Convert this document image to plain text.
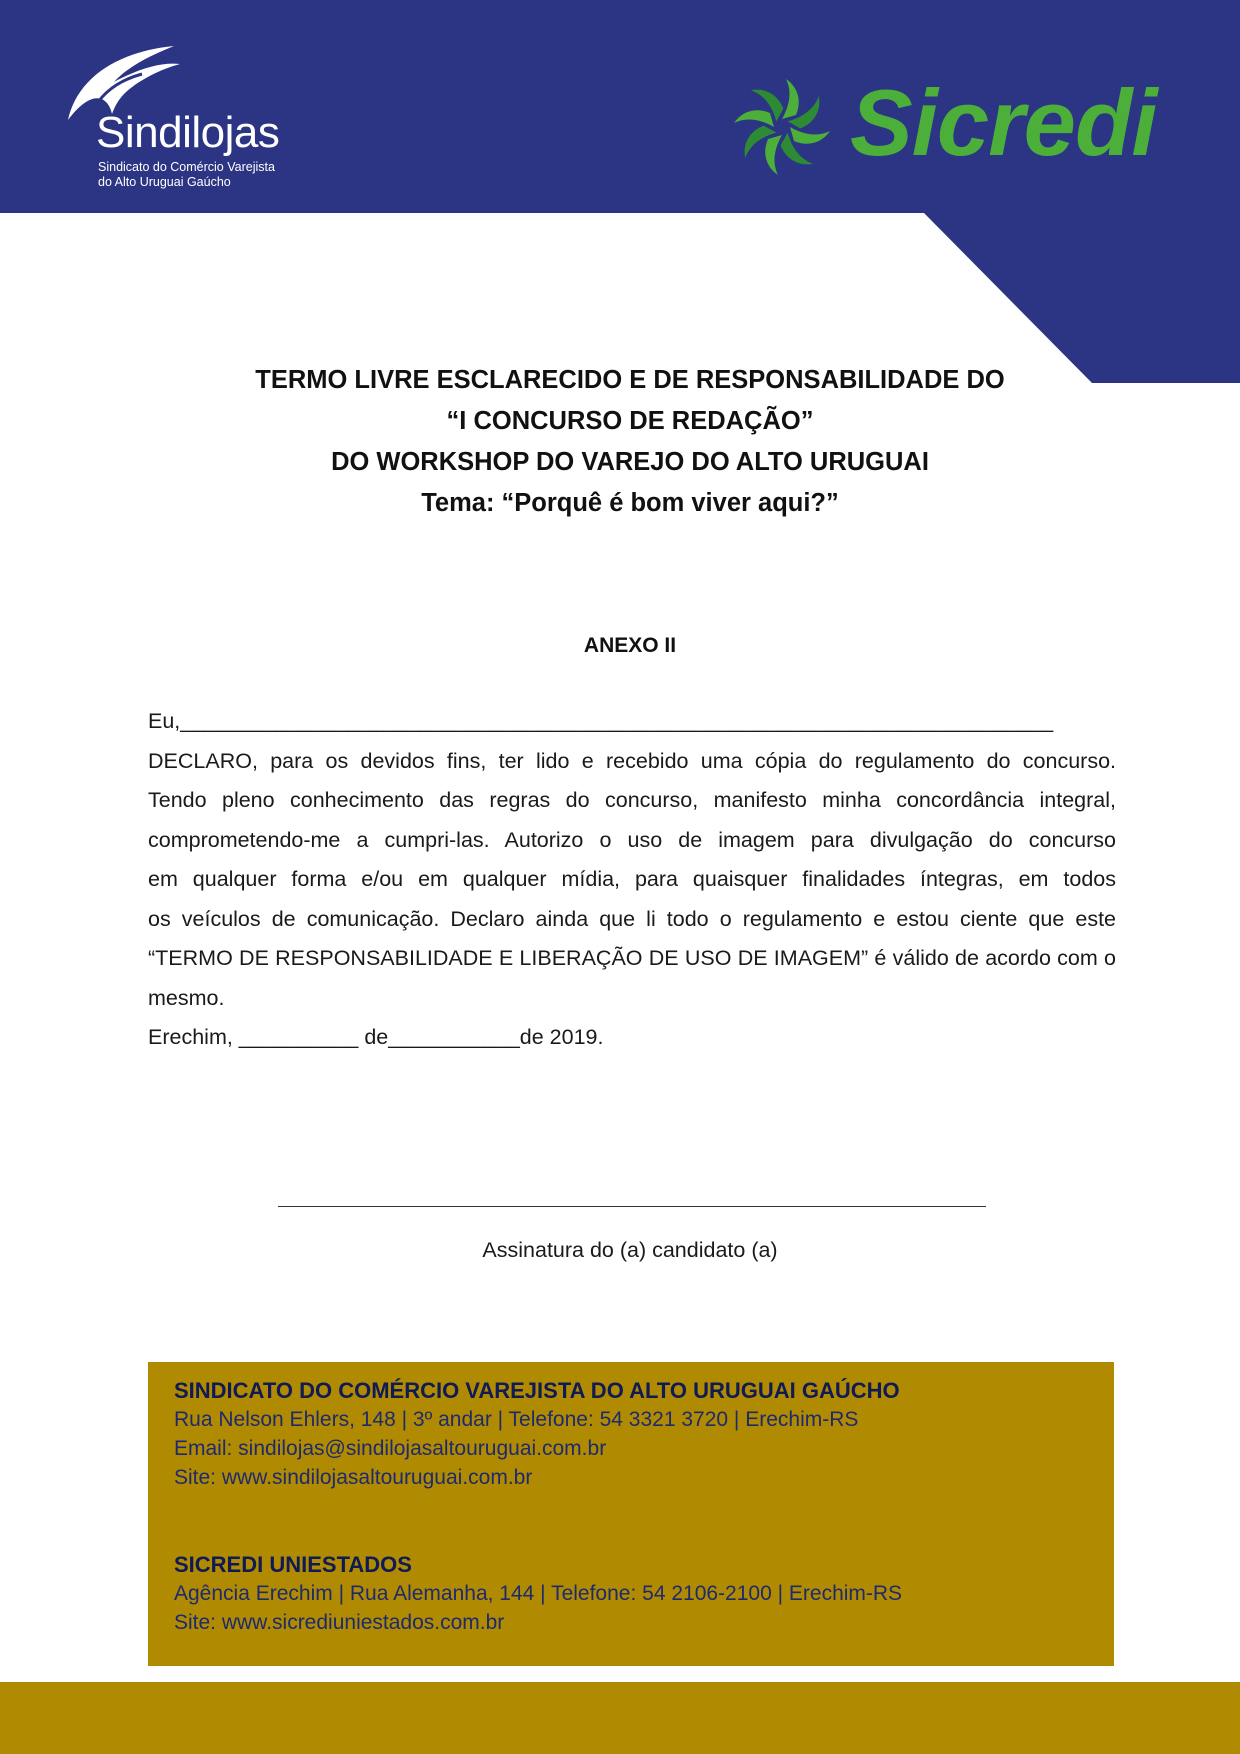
Sindilojas
Sindicato do Comércio Varejista
do Alto Uruguai Gaúcho
Sicredi
TERMO LIVRE ESCLARECIDO E DE RESPONSABILIDADE DO
“I CONCURSO DE REDAÇÃO”
DO WORKSHOP DO VAREJO DO ALTO URUGUAI
Tema: “Porquê é bom viver aqui?”
ANEXO II
Eu,_________________________________________________________________________
DECLARO, para os devidos fins, ter lido e recebido uma cópia do regulamento do concurso.
Tendo pleno conhecimento das regras do concurso, manifesto minha concordância integral,
comprometendo-me a cumpri-las. Autorizo o uso de imagem para divulgação do concurso
em qualquer forma e/ou em qualquer mídia, para quaisquer finalidades íntegras, em todos
os veículos de comunicação. Declaro ainda que li todo o regulamento e estou ciente que este
“TERMO DE RESPONSABILIDADE E LIBERAÇÃO DE USO DE IMAGEM” é válido de acordo com o
mesmo.
Erechim, __________ de___________de 2019.
Assinatura do (a) candidato (a)
SINDICATO DO COMÉRCIO VAREJISTA DO ALTO URUGUAI GAÚCHO
Rua Nelson Ehlers, 148 | 3º andar | Telefone: 54 3321 3720 | Erechim-RS
Email: sindilojas@sindilojasaltouruguai.com.br
Site: www.sindilojasaltouruguai.com.br
SICREDI UNIESTADOS
Agência Erechim | Rua Alemanha, 144 | Telefone: 54 2106-2100 | Erechim-RS
Site: www.sicrediuniestados.com.br
